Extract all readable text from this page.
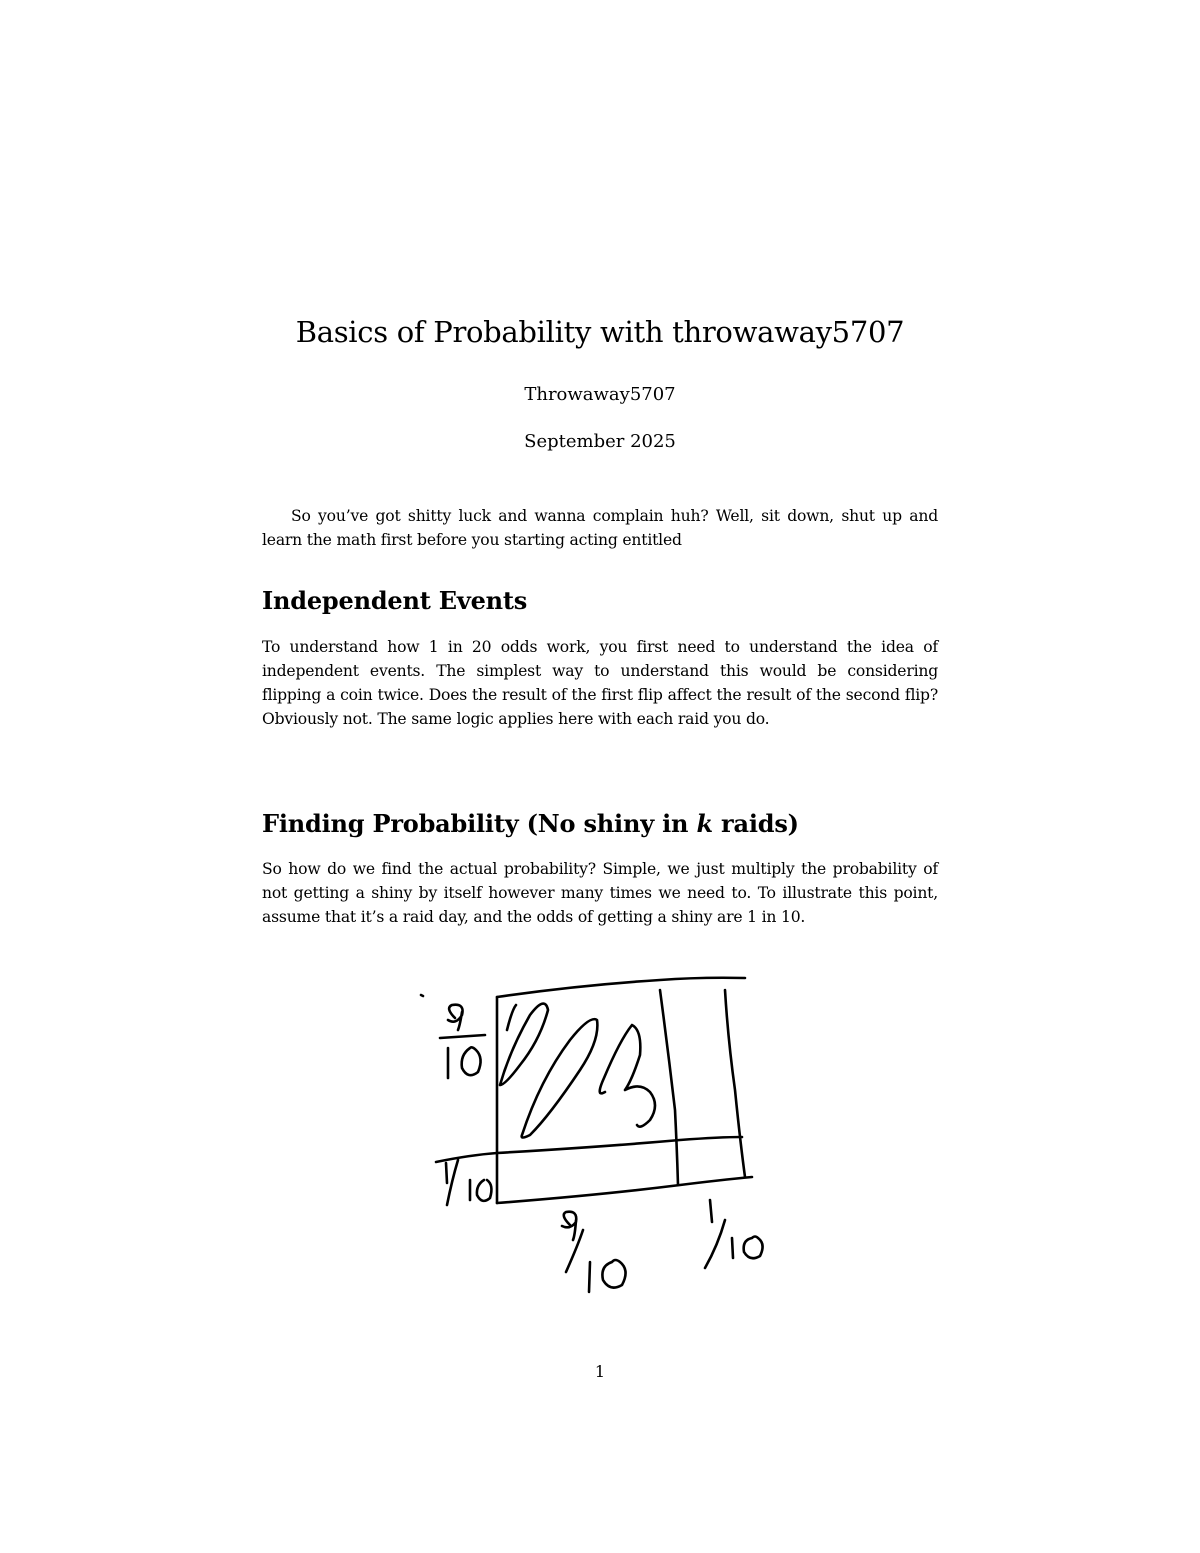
Basics of Probability with throwaway5707
Throwaway5707
September 2025

So you’ve got shitty luck and wanna complain huh? Well, sit down, shut up and learn the math first before you starting acting entitled

Independent Events

To understand how 1 in 20 odds work, you first need to understand the idea of independent events. The simplest way to understand this would be considering flipping a coin twice. Does the result of the first flip affect the result of the second flip? Obviously not. The same logic applies here with each raid you do.

Finding Probability (No shiny in k raids)

So how do we find the actual probability? Simple, we just multiply the probability of not getting a shiny by itself however many times we need to. To illustrate this point, assume that it’s a raid day, and the odds of getting a shiny are 1 in 10.

1
